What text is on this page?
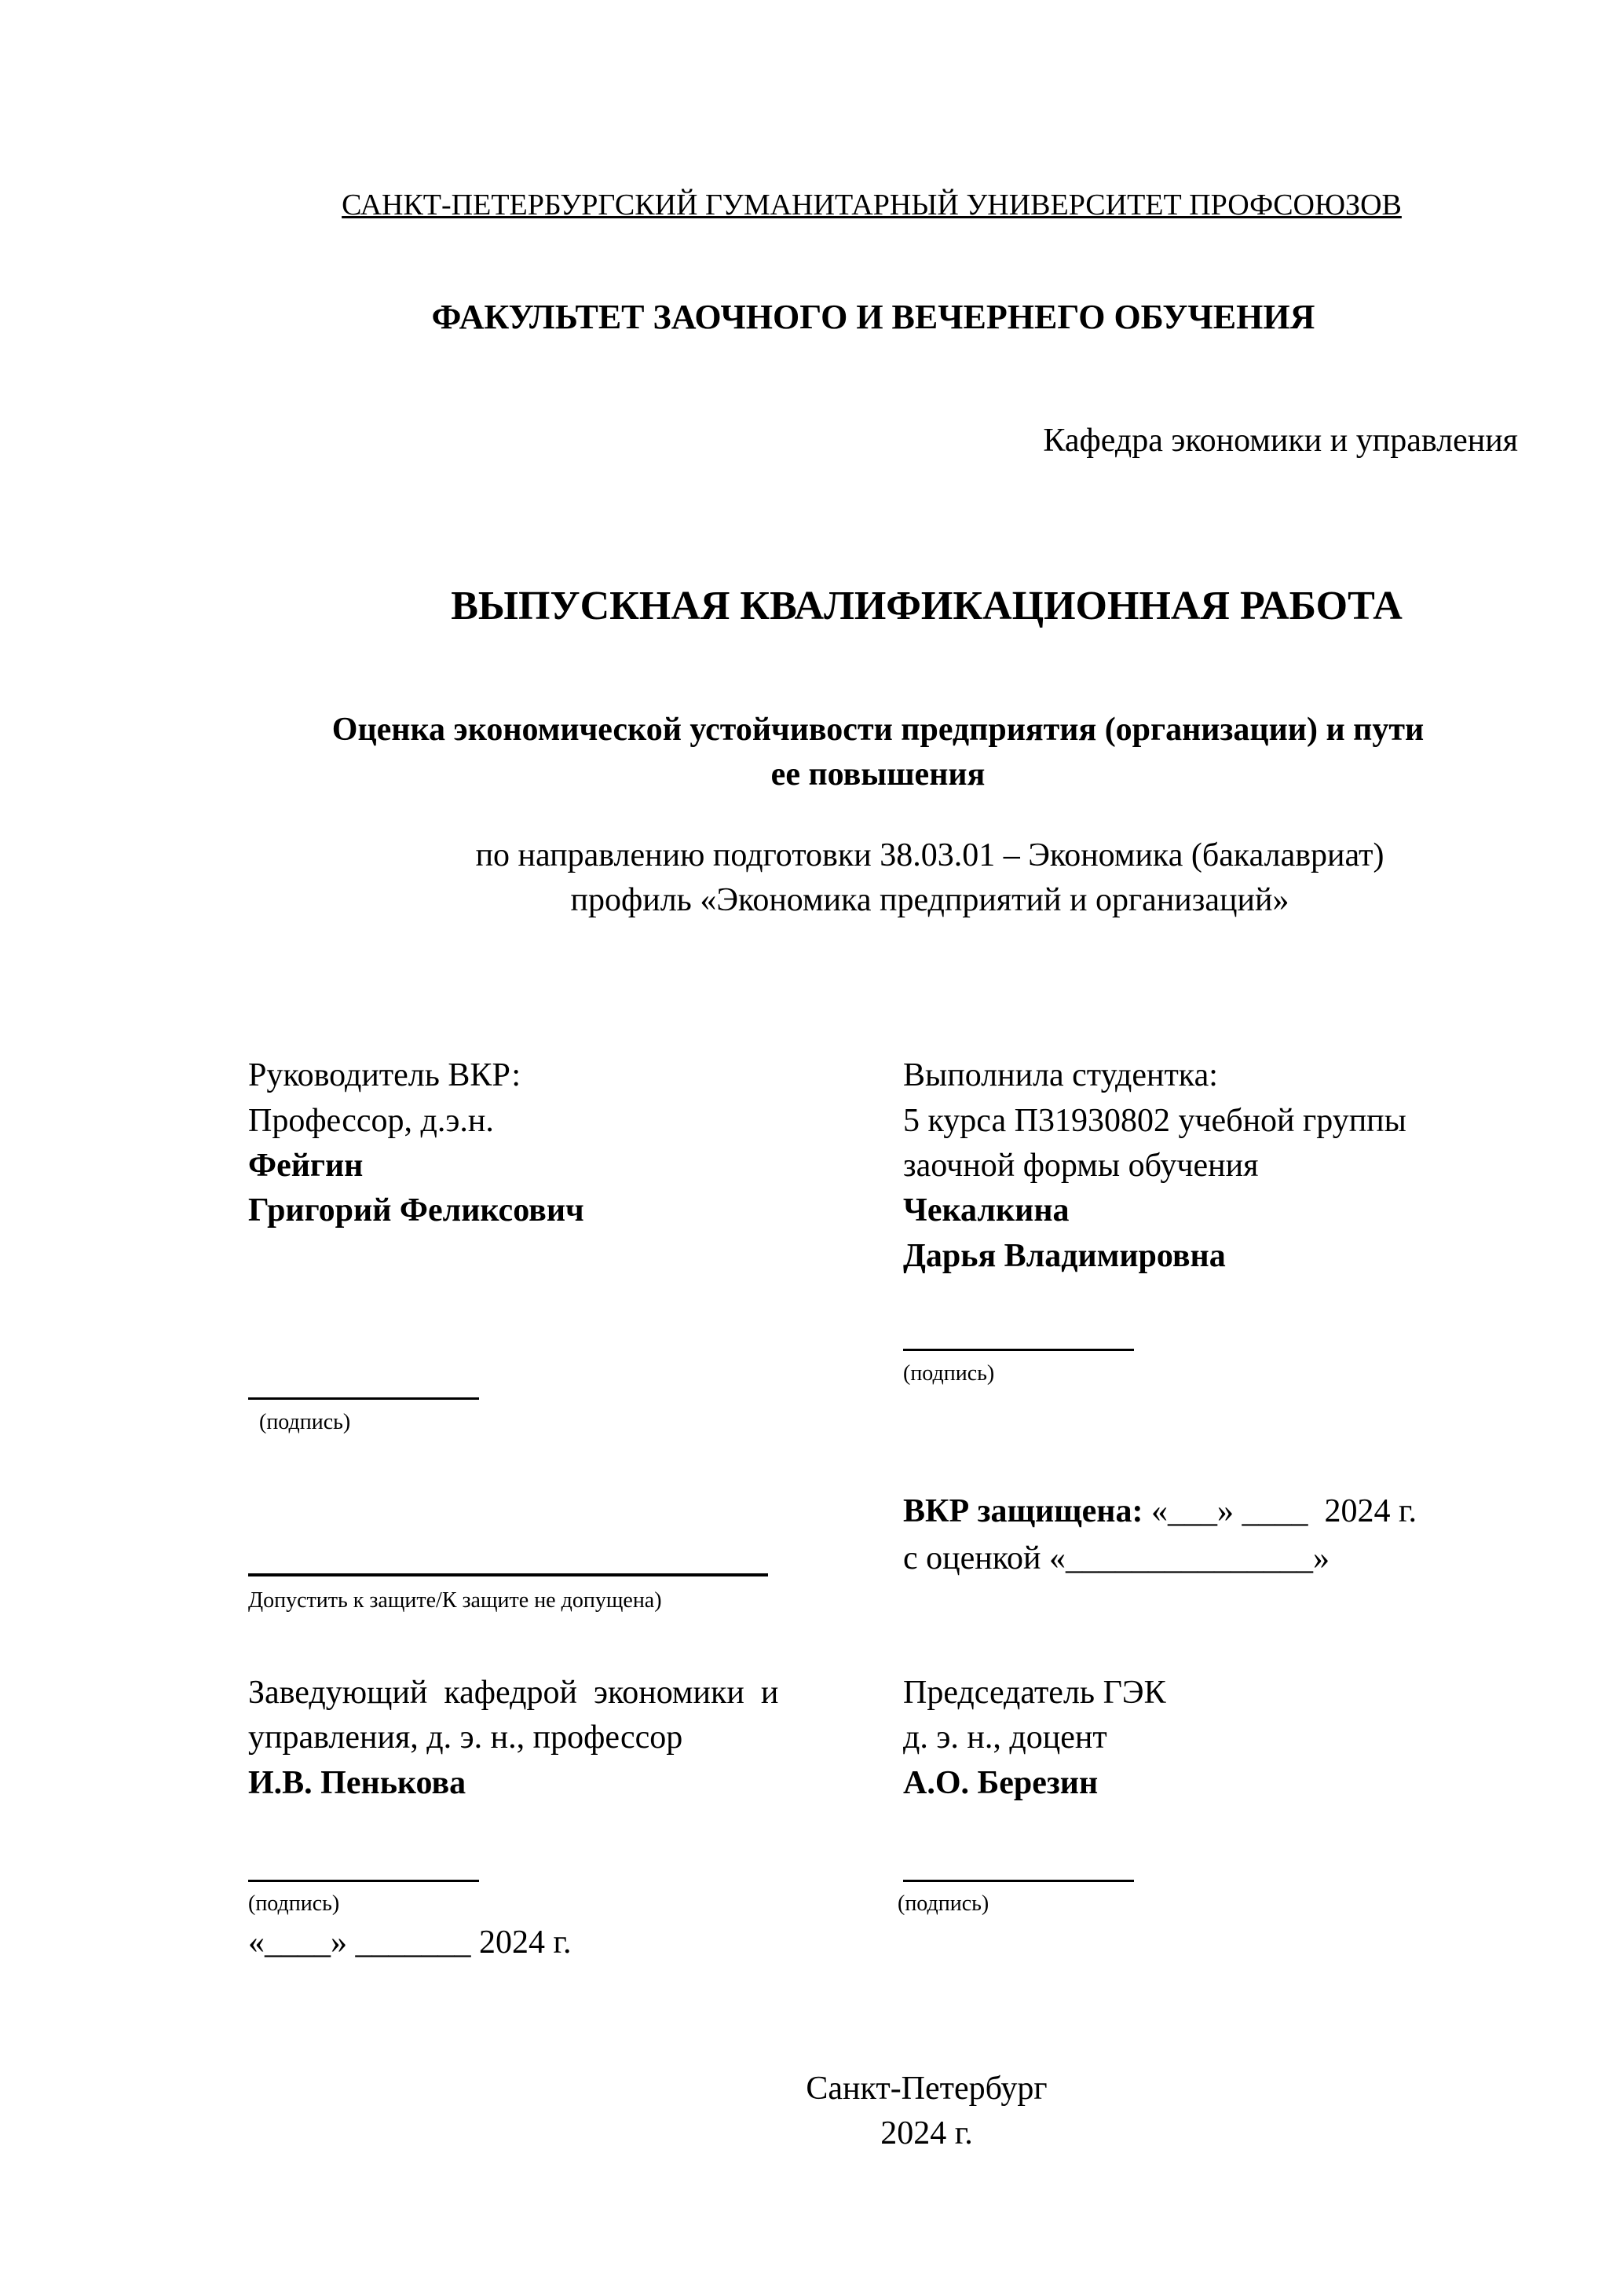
САНКТ-ПЕТЕРБУРГСКИЙ ГУМАНИТАРНЫЙ УНИВЕРСИТЕТ ПРОФСОЮЗОВ
ФАКУЛЬТЕТ ЗАОЧНОГО И ВЕЧЕРНЕГО ОБУЧЕНИЯ
Кафедра экономики и управления
ВЫПУСКНАЯ КВАЛИФИКАЦИОННАЯ РАБОТА
Оценка экономической устойчивости предприятия (организации) и пути
ее повышения
по направлению подготовки 38.03.01 – Экономика (бакалавриат)
профиль «Экономика предприятий и организаций»
Руководитель ВКР:
Профессор, д.э.н.
Фейгин
Григорий Феликсович
(подпись)
Выполнила студентка:
5 курса П31930802 учебной группы
заочной формы обучения
Чекалкина
Дарья Владимировна
(подпись)
Допустить к защите/К защите не допущена)
ВКР защищена: «___» ____  2024 г.
с оценкой «_______________»
Заведующий  кафедрой  экономики  и
управления, д. э. н., профессор
И.В. Пенькова
(подпись)
«____» _______ 2024 г.
Председатель ГЭК
д. э. н., доцент
А.О. Березин
(подпись)
Санкт-Петербург
2024 г.
